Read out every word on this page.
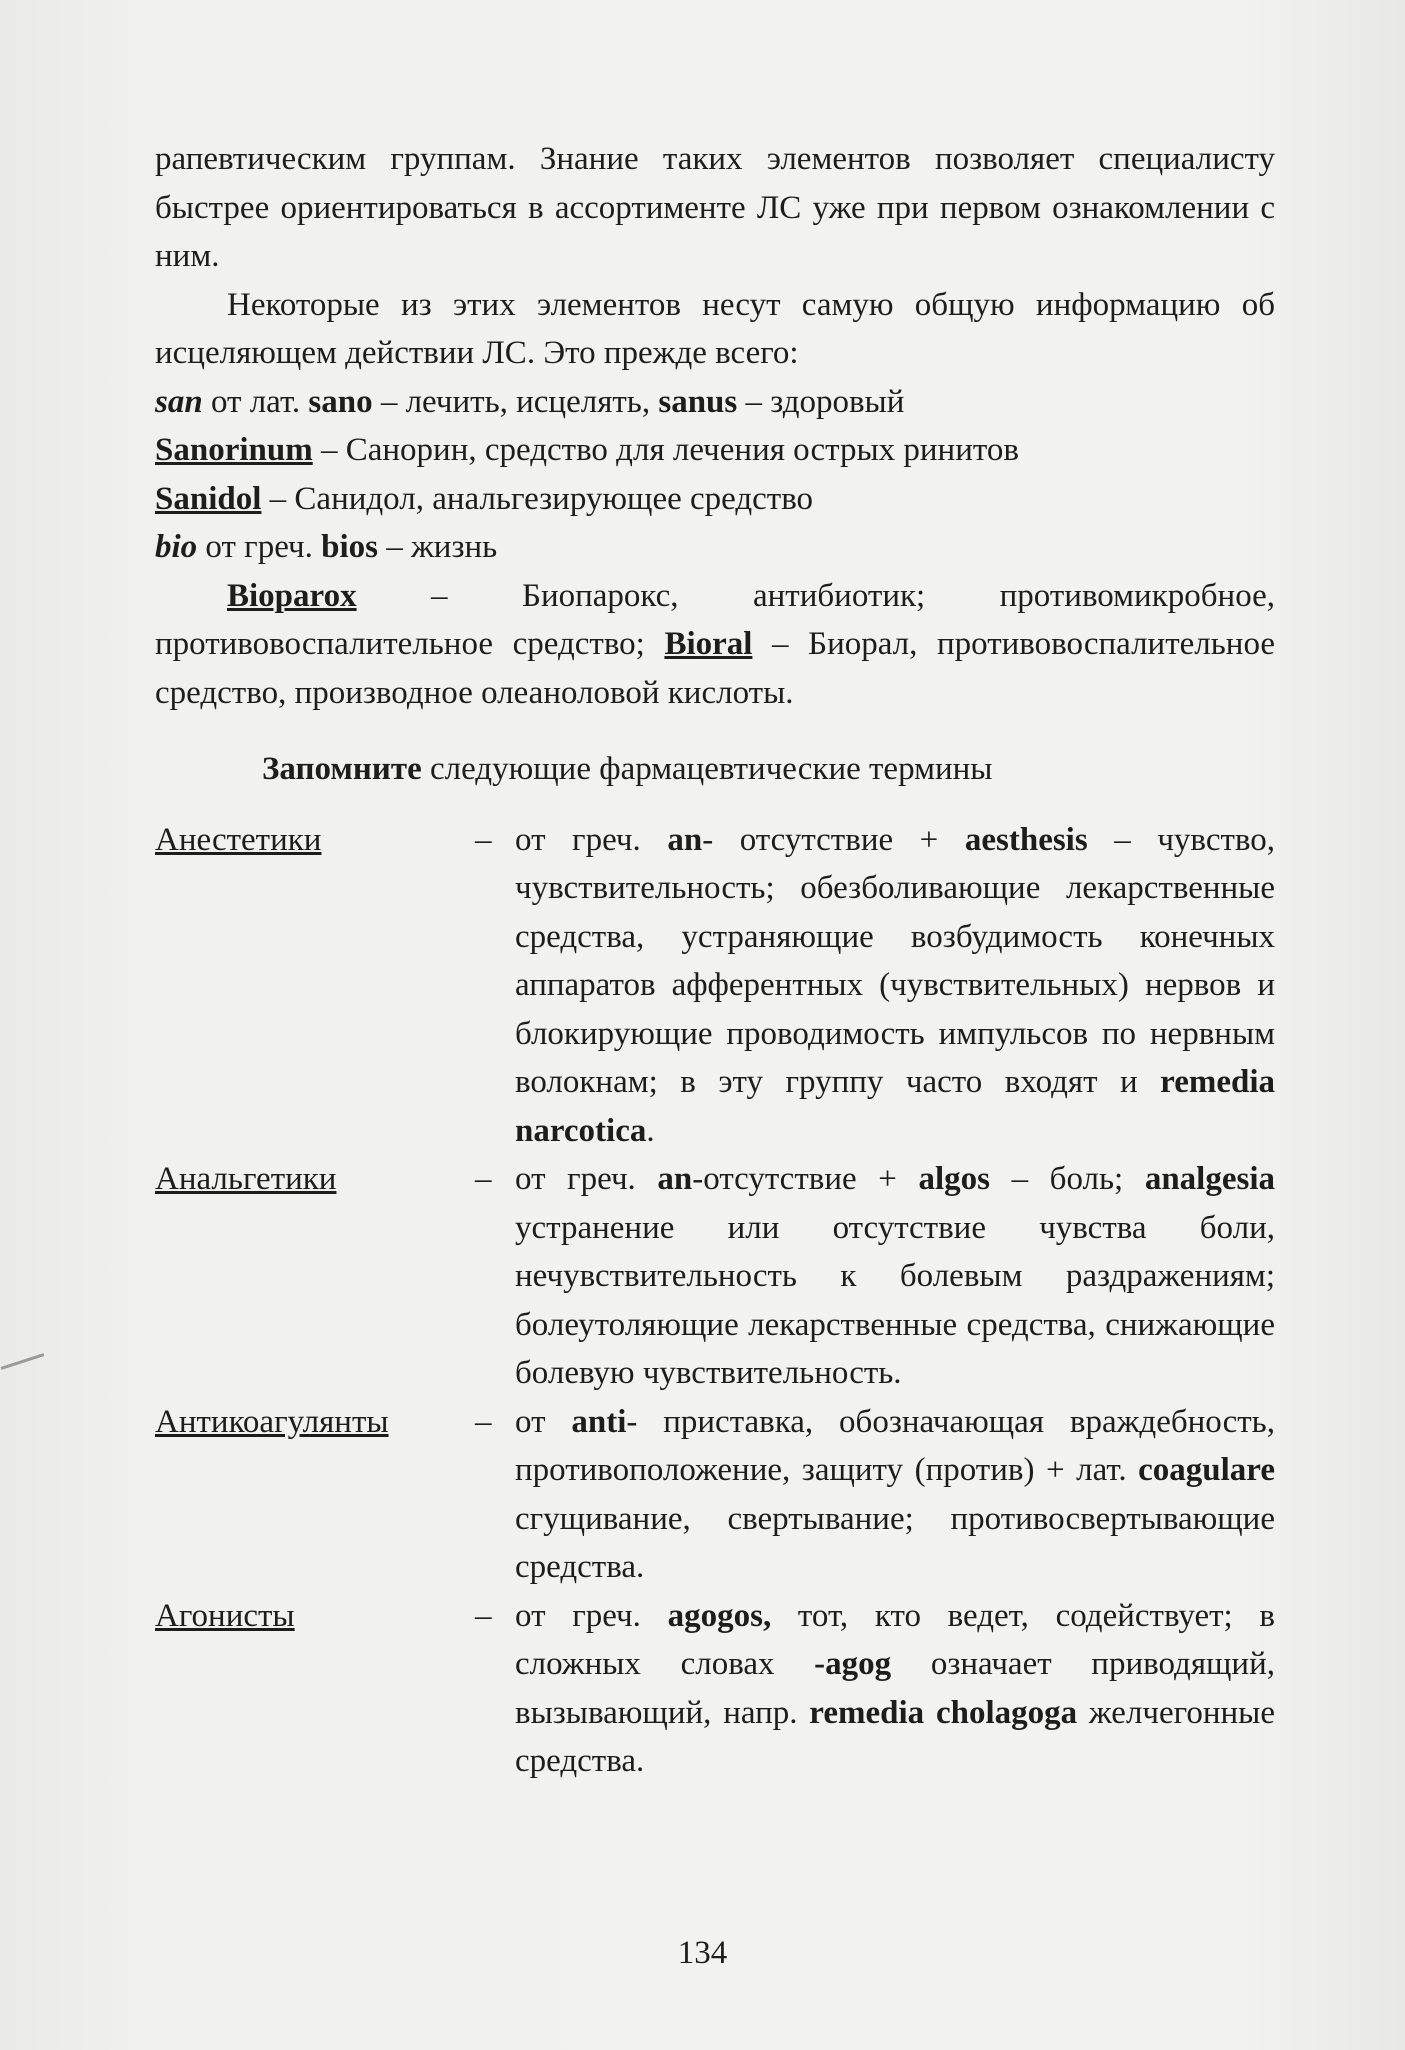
рапевтическим группам. Знание таких элементов позволяет специалисту быстрее ориентироваться в ассортименте ЛС уже при первом ознакомлении с ним.

Некоторые из этих элементов несут самую общую информацию об исцеляющем действии ЛС. Это прежде всего:

san от лат. sano – лечить, исцелять, sanus – здоровый

Sanorinum – Санорин, средство для лечения острых ринитов

Sanidol – Санидол, анальгезирующее средство

bio от греч. bios – жизнь

Bioparox – Биопарокс, антибиотик; противомикробное, противовоспалительное средство; Bioral – Биорал, противовоспалительное средство, производное олеаноловой кислоты.

Запомните следующие фармацевтические термины

Анестетики	– от греч. an- отсутствие + aesthesis – чувство, чувствительность; обезболивающие лекарственные средства, устраняющие возбудимость конечных аппаратов афферентных (чувствительных) нервов и блокирующие проводимость импульсов по нервным волокнам; в эту группу часто входят и remedia narcotica.
Анальгетики	– от греч. an-отсутствие + algos – боль; analgesia устранение или отсутствие чувства боли, нечувствительность к болевым раздражениям; болеутоляющие лекарственные средства, снижающие болевую чувствительность.
Антикоагулянты	– от anti- приставка, обозначающая враждебность, противоположение, защиту (против) + лат. coagulare сгущивание, свертывание; противосвертывающие средства.
Агонисты	– от греч. agogos, тот, кто ведет, содействует; в сложных словах -agog означает приводящий, вызывающий, напр. remedia cholagoga желчегонные средства.
134
